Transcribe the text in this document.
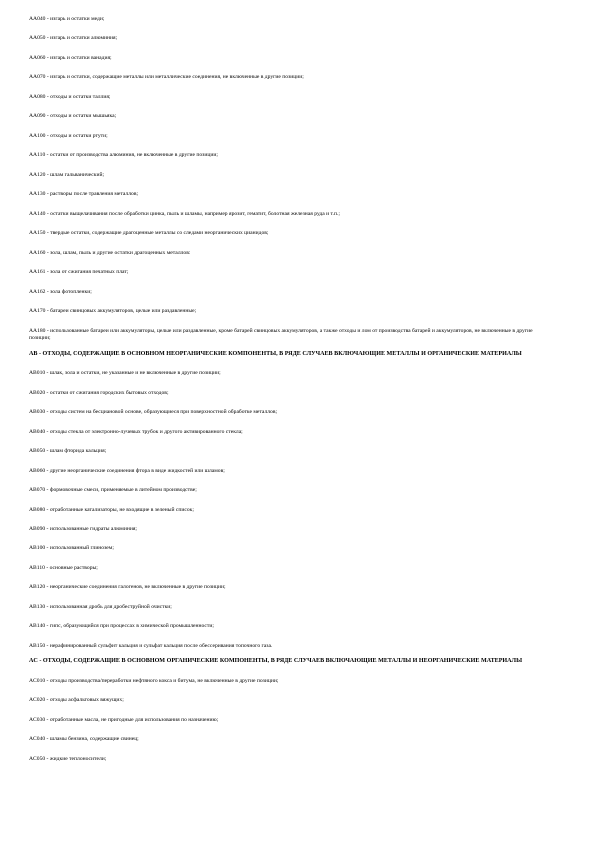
AA040 - изгарь и остатки меди;
AA050 - изгарь и остатки алюминия;
AA060 - изгарь и остатки ванадия;
AA070 - изгарь и остатки, содержащие металлы или металлические соединения, не включенные в другие позиции;
AA080 - отходы и остатки таллия;
AA090 - отходы и остатки мышьяка;
AA100 - отходы и остатки ртути;
AA110 - остатки от производства алюминия, не включенные в другие позиции;
AA120 - шлам гальванический;
AA130 - растворы после травления металлов;
AA140 - остатки выщелачивания после обработки цинка, пыль и шламы, например ярозит, гематит, болотная железная руда и т.п.;
AA150 - твердые остатки, содержащие драгоценные металлы со следами неорганических цианидов;
AA160 - зола, шлам, пыль и другие остатки драгоценных металлов:
AA161 - зола от сжигания печатных плат;
AA162 - зола фотопленки;
AA170 - батареи свинцовых аккумуляторов, целые или раздавленные;
AA180 - использованные батареи или аккумуляторы, целые или раздавленные, кроме батарей свинцовых аккумуляторов, а также отходы и лом от производства батарей и аккумуляторов, не включенные в другие позиции;
AB - ОТХОДЫ, СОДЕРЖАЩИЕ В ОСНОВНОМ НЕОРГАНИЧЕСКИЕ КОМПОНЕНТЫ, В РЯДЕ СЛУЧАЕВ ВКЛЮЧАЮЩИЕ МЕТАЛЛЫ И ОРГАНИЧЕСКИЕ МАТЕРИАЛЫ
AB010 - шлак, зола и остатки, не указанные и не включенные в другие позиции;
AB020 - остатки от сжигания городских бытовых отходов;
AB030 - отходы систем на бесциановой основе, образующиеся при поверхностной обработке металлов;
AB040 - отходы стекла от электронно-лучевых трубок и другого активированного стекла;
AB050 - шлам фторида кальция;
AB060 - другие неорганические соединения фтора в виде жидкостей или шламов;
AB070 - формовочные смеси, применяемые в литейном производстве;
AB080 - отработанные катализаторы, не входящие в зеленый список;
AB090 - использованные гидраты алюминия;
AB100 - использованный глинозем;
AB110 - основные растворы;
AB120 - неорганические соединения галогенов, не включенные в другие позиции;
AB130 - использованная дробь для дробеструйной очистки;
AB140 - гипс, образующийся при процессах в химической промышленности;
AB150 - нерафинированный сульфит кальция и сульфат кальция после обессеривания топочного газа.
AC - ОТХОДЫ, СОДЕРЖАЩИЕ В ОСНОВНОМ ОРГАНИЧЕСКИЕ КОМПОНЕНТЫ, В РЯДЕ СЛУЧАЕВ ВКЛЮЧАЮЩИЕ МЕТАЛЛЫ И НЕОРГАНИЧЕСКИЕ МАТЕРИАЛЫ
AC010 - отходы производства/переработки нефтяного кокса и битума, не включенные в другие позиции;
AC020 - отходы асфальтовых вяжущих;
AC030 - отработанные масла, не пригодные для использования по назначению;
AC040 - шламы бензина, содержащие свинец;
AC050 - жидкие теплоносители;
